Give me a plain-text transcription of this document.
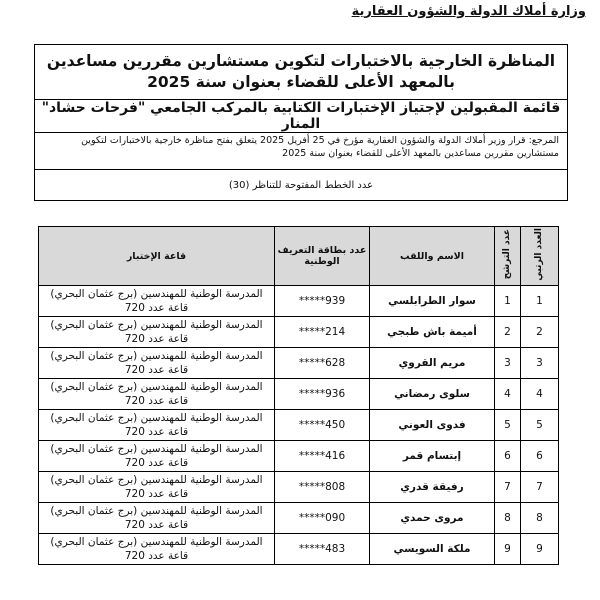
وزارة أملاك الدولة والشؤون العقارية
المناظرة الخارجية بالاختبارات لتكوين مستشارين مقررين مساعدين بالمعهد الأعلى للقضاء بعنوان سنة 2025
قائمة المقبولين لإجتياز الإختبارات الكتابية بالمركب الجامعي "فرحات حشاد" المنار
المرجع: قرار وزير أملاك الدولة والشؤون العقارية مؤرخ في 25 أفريل 2025 يتعلق بفتح مناظرة خارجية بالاختبارات لتكوين مستشارين مقررين مساعدين بالمعهد الأعلى للقضاء بعنوان سنة 2025
عدد الخطط المفتوحة للتناظر (30)
العدد الرتبي	عدد الترشح	الاسم واللقب	عدد بطاقة التعريف الوطنية	قاعة الإختبار
1	1	سوار الطرابلسي	*****939	المدرسة الوطنية للمهندسين (برج عثمان البحري)
قاعة عدد 720

2	2	أميمة باش طبجي	*****214	المدرسة الوطنية للمهندسين (برج عثمان البحري)
قاعة عدد 720

3	3	مريم القروي	*****628	المدرسة الوطنية للمهندسين (برج عثمان البحري)
قاعة عدد 720

4	4	سلوى رمضاني	*****936	المدرسة الوطنية للمهندسين (برج عثمان البحري)
قاعة عدد 720

5	5	فدوى العوني	*****450	المدرسة الوطنية للمهندسين (برج عثمان البحري)
قاعة عدد 720

6	6	إبتسام قمر	*****416	المدرسة الوطنية للمهندسين (برج عثمان البحري)
قاعة عدد 720

7	7	رفيقة قدري	*****808	المدرسة الوطنية للمهندسين (برج عثمان البحري)
قاعة عدد 720

8	8	مروى حمدي	*****090	المدرسة الوطنية للمهندسين (برج عثمان البحري)
قاعة عدد 720

9	9	ملكة السويسي	*****483	المدرسة الوطنية للمهندسين (برج عثمان البحري)
قاعة عدد 720
